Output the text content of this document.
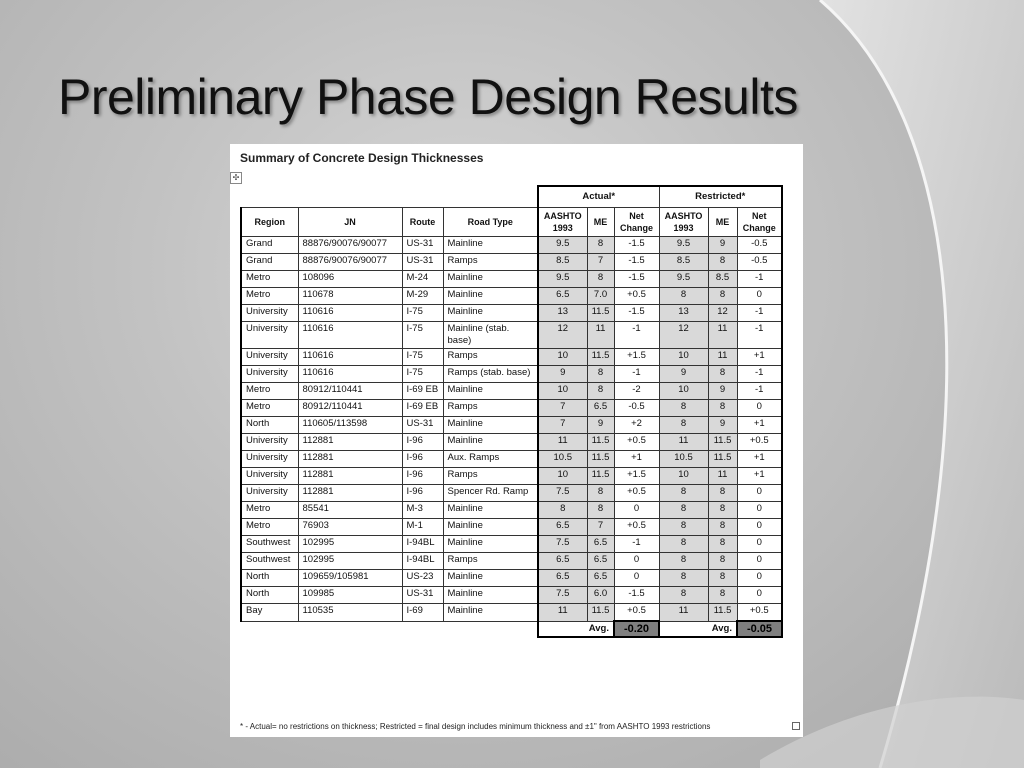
Preliminary Phase Design Results
Summary of Concrete Design Thicknesses
✣
				Actual*			Restricted*		
Region	JN	Route	Road Type	AASHTO 1993	ME	Net Change	AASHTO 1993	ME	Net Change
Grand	88876/90076/90077	US-31	Mainline	9.5	8	-1.5	9.5	9	-0.5
Grand	88876/90076/90077	US-31	Ramps	8.5	7	-1.5	8.5	8	-0.5
Metro	108096	M-24	Mainline	9.5	8	-1.5	9.5	8.5	-1
Metro	110678	M-29	Mainline	6.5	7.0	+0.5	8	8	0
University	110616	I-75	Mainline	13	11.5	-1.5	13	12	-1
University	110616	I-75	Mainline (stab. base)	12	11	-1	12	11	-1
University	110616	I-75	Ramps	10	11.5	+1.5	10	11	+1
University	110616	I-75	Ramps (stab. base)	9	8	-1	9	8	-1
Metro	80912/110441	I-69 EB	Mainline	10	8	-2	10	9	-1
Metro	80912/110441	I-69 EB	Ramps	7	6.5	-0.5	8	8	0
North	110605/113598	US-31	Mainline	7	9	+2	8	9	+1
University	112881	I-96	Mainline	11	11.5	+0.5	11	11.5	+0.5
University	112881	I-96	Aux. Ramps	10.5	11.5	+1	10.5	11.5	+1
University	112881	I-96	Ramps	10	11.5	+1.5	10	11	+1
University	112881	I-96	Spencer Rd. Ramp	7.5	8	+0.5	8	8	0
Metro	85541	M-3	Mainline	8	8	0	8	8	0
Metro	76903	M-1	Mainline	6.5	7	+0.5	8	8	0
Southwest	102995	I-94BL	Mainline	7.5	6.5	-1	8	8	0
Southwest	102995	I-94BL	Ramps	6.5	6.5	0	8	8	0
North	109659/105981	US-23	Mainline	6.5	6.5	0	8	8	0
North	109985	US-31	Mainline	7.5	6.0	-1.5	8	8	0
Bay	110535	I-69	Mainline	11	11.5	+0.5	11	11.5	+0.5
				Avg.		-0.20	Avg.		-0.05
* - Actual= no restrictions on thickness; Restricted = final design includes minimum thickness and ±1" from AASHTO 1993 restrictions
